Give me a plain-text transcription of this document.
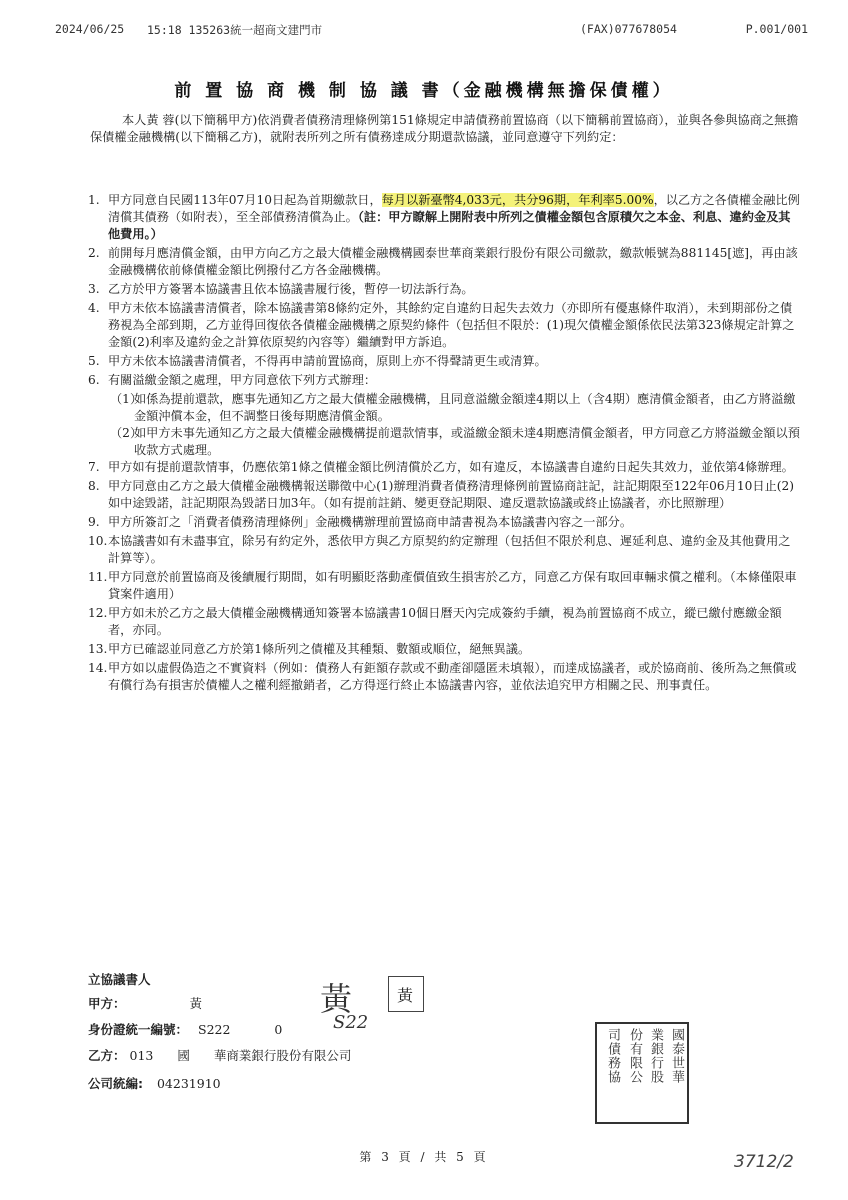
2024/06/25 15:18 135263統一超商文建門市	(FAX)077678054	P.001/001
前 置 協 商 機 制 協 議 書（金融機構無擔保債權）
本人黃 蓉(以下簡稱甲方)依消費者債務清理條例第151條規定申請債務前置協商（以下簡稱前置協商），並與各參與協商之無擔保債權金融機構(以下簡稱乙方)，就附表所列之所有債務達成分期還款協議，並同意遵守下列約定：
1. 甲方同意自民國113年07月10日起為首期繳款日，每月以新臺幣4,033元，共分96期，年利率5.00%，以乙方之各債權金融比例清償其債務（如附表），至全部債務清償為止。（註：甲方瞭解上開附表中所列之債權金額包含原積欠之本金、利息、違約金及其他費用。）
2. 前開每月應清償金額，由甲方向乙方之最大債權金融機構國泰世華商業銀行股份有限公司繳款，繳款帳號為881145[遮]，再由該金融機構依前條債權金額比例撥付乙方各金融機構。
3. 乙方於甲方簽署本協議書且依本協議書履行後，暫停一切法訴行為。
4. 甲方未依本協議書清償者，除本協議書第8條約定外，其餘約定自違約日起失去效力（亦即所有優惠條件取消），未到期部份之債務視為全部到期，乙方並得回復依各債權金融機構之原契約條件（包括但不限於：(1)現欠債權金額係依民法第323條規定計算之金額(2)利率及違約金之計算依原契約內容等）繼續對甲方訴追。
5. 甲方未依本協議書清償者，不得再申請前置協商，原則上亦不得聲請更生或清算。
6. 有關溢繳金額之處理，甲方同意依下列方式辦理：
（1）
如係為提前還款，應事先通知乙方之最大債權金融機構，且同意溢繳金額達4期以上（含4期）應清償金額者，由乙方將溢繳金額沖償本金，但不調整日後每期應清償金額。
（2）
如甲方未事先通知乙方之最大債權金融機構提前還款情事，或溢繳金額未達4期應清償金額者，甲方同意乙方將溢繳金額以預收款方式處理。
7. 甲方如有提前還款情事，仍應依第1條之債權金額比例清償於乙方，如有違反，本協議書自違約日起失其效力，並依第4條辦理。
8. 甲方同意由乙方之最大債權金融機構報送聯徵中心(1)辦理消費者債務清理條例前置協商註記，註記期限至122年06月10日止(2)如中途毀諾，註記期限為毀諾日加3年。（如有提前註銷、變更登記期限、違反還款協議或終止協議者，亦比照辦理）
9. 甲方所簽訂之「消費者債務清理條例」金融機構辦理前置協商申請書視為本協議書內容之一部分。
10. 本協議書如有未盡事宜，除另有約定外，悉依甲方與乙方原契約約定辦理（包括但不限於利息、遲延利息、違約金及其他費用之計算等）。
11. 甲方同意於前置協商及後續履行期間，如有明顯貶落動產價值致生損害於乙方，同意乙方保有取回車輛求償之權利。（本條僅限車貸案件適用）
12. 甲方如未於乙方之最大債權金融機構通知簽署本協議書10個日曆天內完成簽約手續，視為前置協商不成立，縱已繳付應繳金額者，亦同。
13. 甲方已確認並同意乙方於第1條所列之債權及其種類、數額或順位，絕無異議。
14. 甲方如以虛假偽造之不實資料（例如：債務人有鉅額存款或不動產卻隱匿未填報），而達成協議者，或於協商前、後所為之無償或有償行為有損害於債權人之權利經撤銷者，乙方得逕行終止本協議書內容，並依法追究甲方相關之民、刑事責任。
立協議書人
甲方：	黃	黃	黃
身份證統一編號： S222	0	S22
乙方： 013 國 華商業銀行股份有限公司
公司統編: 04231910	司債務協 份有限公 業銀行股 國泰世華
第 3 頁 / 共 5 頁	3712/2
